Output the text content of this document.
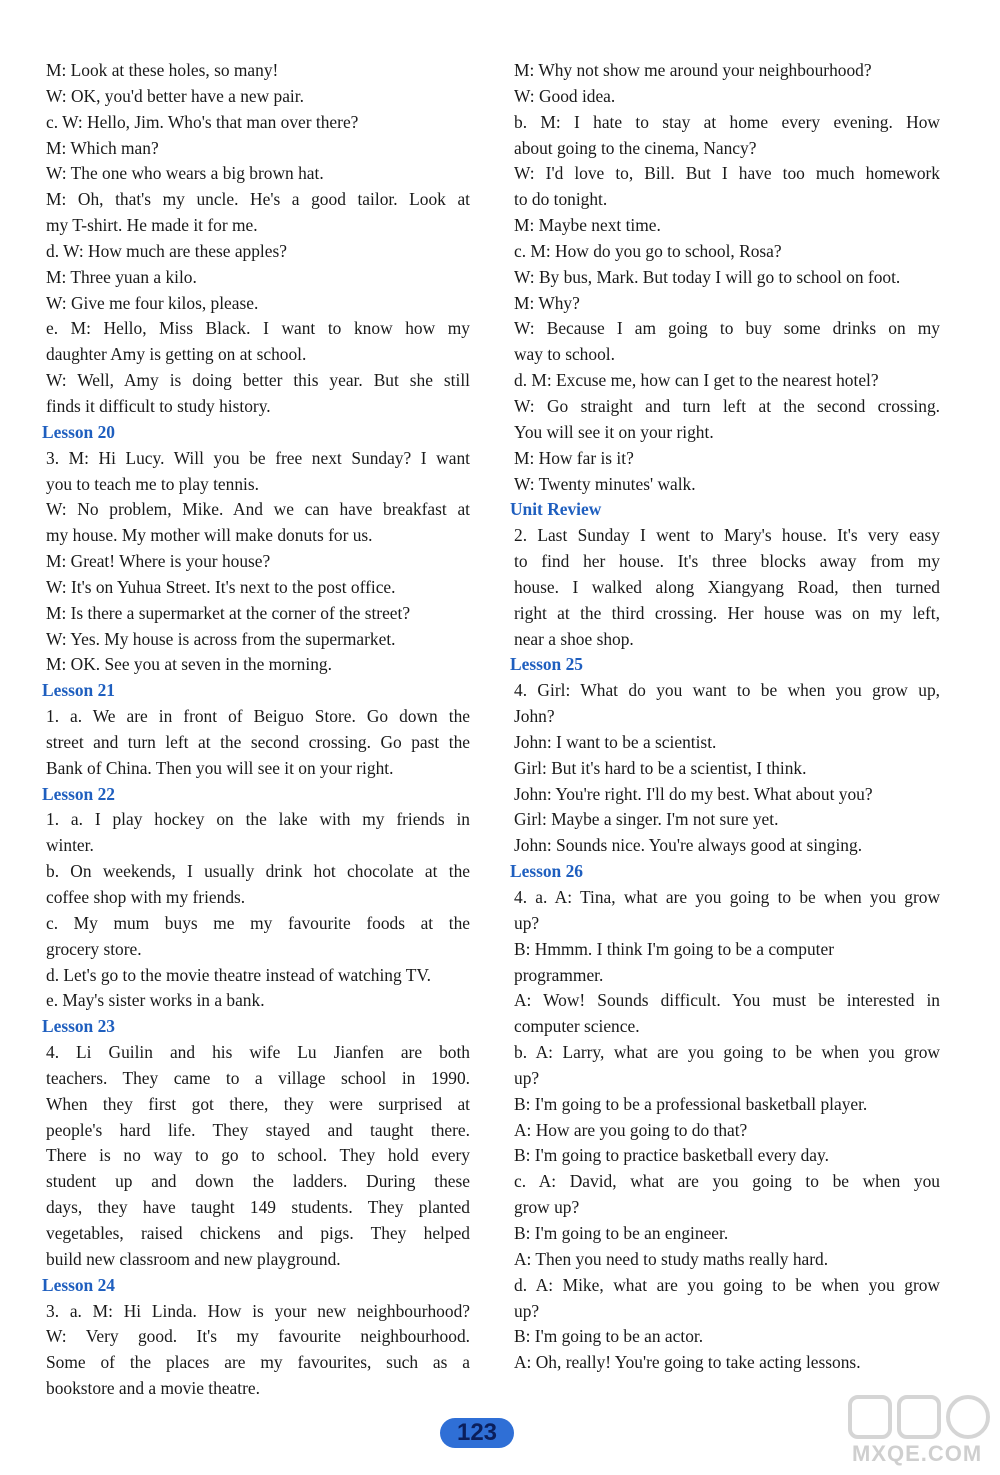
M: Look at these holes, so many!
W: OK, you'd better have a new pair.
c. W: Hello, Jim. Who's that man over there?
M: Which man?
W: The one who wears a big brown hat.
M: Oh, that's my uncle. He's a good tailor. Look at
my T-shirt. He made it for me.
d. W: How much are these apples?
M: Three yuan a kilo.
W: Give me four kilos, please.
e. M: Hello, Miss Black. I want to know how my
daughter Amy is getting on at school.
W: Well, Amy is doing better this year. But she still
finds it difficult to study history.
Lesson 20
3. M: Hi Lucy. Will you be free next Sunday? I want
you to teach me to play tennis.
W: No problem, Mike. And we can have breakfast at
my house. My mother will make donuts for us.
M: Great! Where is your house?
W: It's on Yuhua Street. It's next to the post office.
M: Is there a supermarket at the corner of the street?
W: Yes. My house is across from the supermarket.
M: OK. See you at seven in the morning.
Lesson 21
1. a. We are in front of Beiguo Store. Go down the
street and turn left at the second crossing. Go past the
Bank of China. Then you will see it on your right.
Lesson 22
1. a. I play hockey on the lake with my friends in
winter.
b. On weekends, I usually drink hot chocolate at the
coffee shop with my friends.
c. My mum buys me my favourite foods at the
grocery store.
d. Let's go to the movie theatre instead of watching TV.
e. May's sister works in a bank.
Lesson 23
4. Li Guilin and his wife Lu Jianfen are both
teachers. They came to a village school in 1990.
When they first got there, they were surprised at
people's hard life. They stayed and taught there.
There is no way to go to school. They hold every
student up and down the ladders. During these
days, they have taught 149 students. They planted
vegetables, raised chickens and pigs. They helped
build new classroom and new playground.
Lesson 24
3. a. M: Hi Linda. How is your new neighbourhood?
W: Very good. It's my favourite neighbourhood.
Some of the places are my favourites, such as a
bookstore and a movie theatre.
M: Why not show me around your neighbourhood?
W: Good idea.
b. M: I hate to stay at home every evening. How
about going to the cinema, Nancy?
W: I'd love to, Bill. But I have too much homework
to do tonight.
M: Maybe next time.
c. M: How do you go to school, Rosa?
W: By bus, Mark. But today I will go to school on foot.
M: Why?
W: Because I am going to buy some drinks on my
way to school.
d. M: Excuse me, how can I get to the nearest hotel?
W: Go straight and turn left at the second crossing.
You will see it on your right.
M: How far is it?
W: Twenty minutes' walk.
Unit Review
2. Last Sunday I went to Mary's house. It's very easy
to find her house. It's three blocks away from my
house. I walked along Xiangyang Road, then turned
right at the third crossing. Her house was on my left,
near a shoe shop.
Lesson 25
4. Girl: What do you want to be when you grow up,
John?
John: I want to be a scientist.
Girl: But it's hard to be a scientist, I think.
John: You're right. I'll do my best. What about you?
Girl: Maybe a singer. I'm not sure yet.
John: Sounds nice. You're always good at singing.
Lesson 26
4. a. A: Tina, what are you going to be when you grow
up?
B: Hmmm. I think I'm going to be a computer
programmer.
A: Wow! Sounds difficult. You must be interested in
computer science.
b. A: Larry, what are you going to be when you grow
up?
B: I'm going to be a professional basketball player.
A: How are you going to do that?
B: I'm going to practice basketball every day.
c. A: David, what are you going to be when you
grow up?
B: I'm going to be an engineer.
A: Then you need to study maths really hard.
d. A: Mike, what are you going to be when you grow
up?
B: I'm going to be an actor.
A: Oh, really! You're going to take acting lessons.
123
MXQE.COM
